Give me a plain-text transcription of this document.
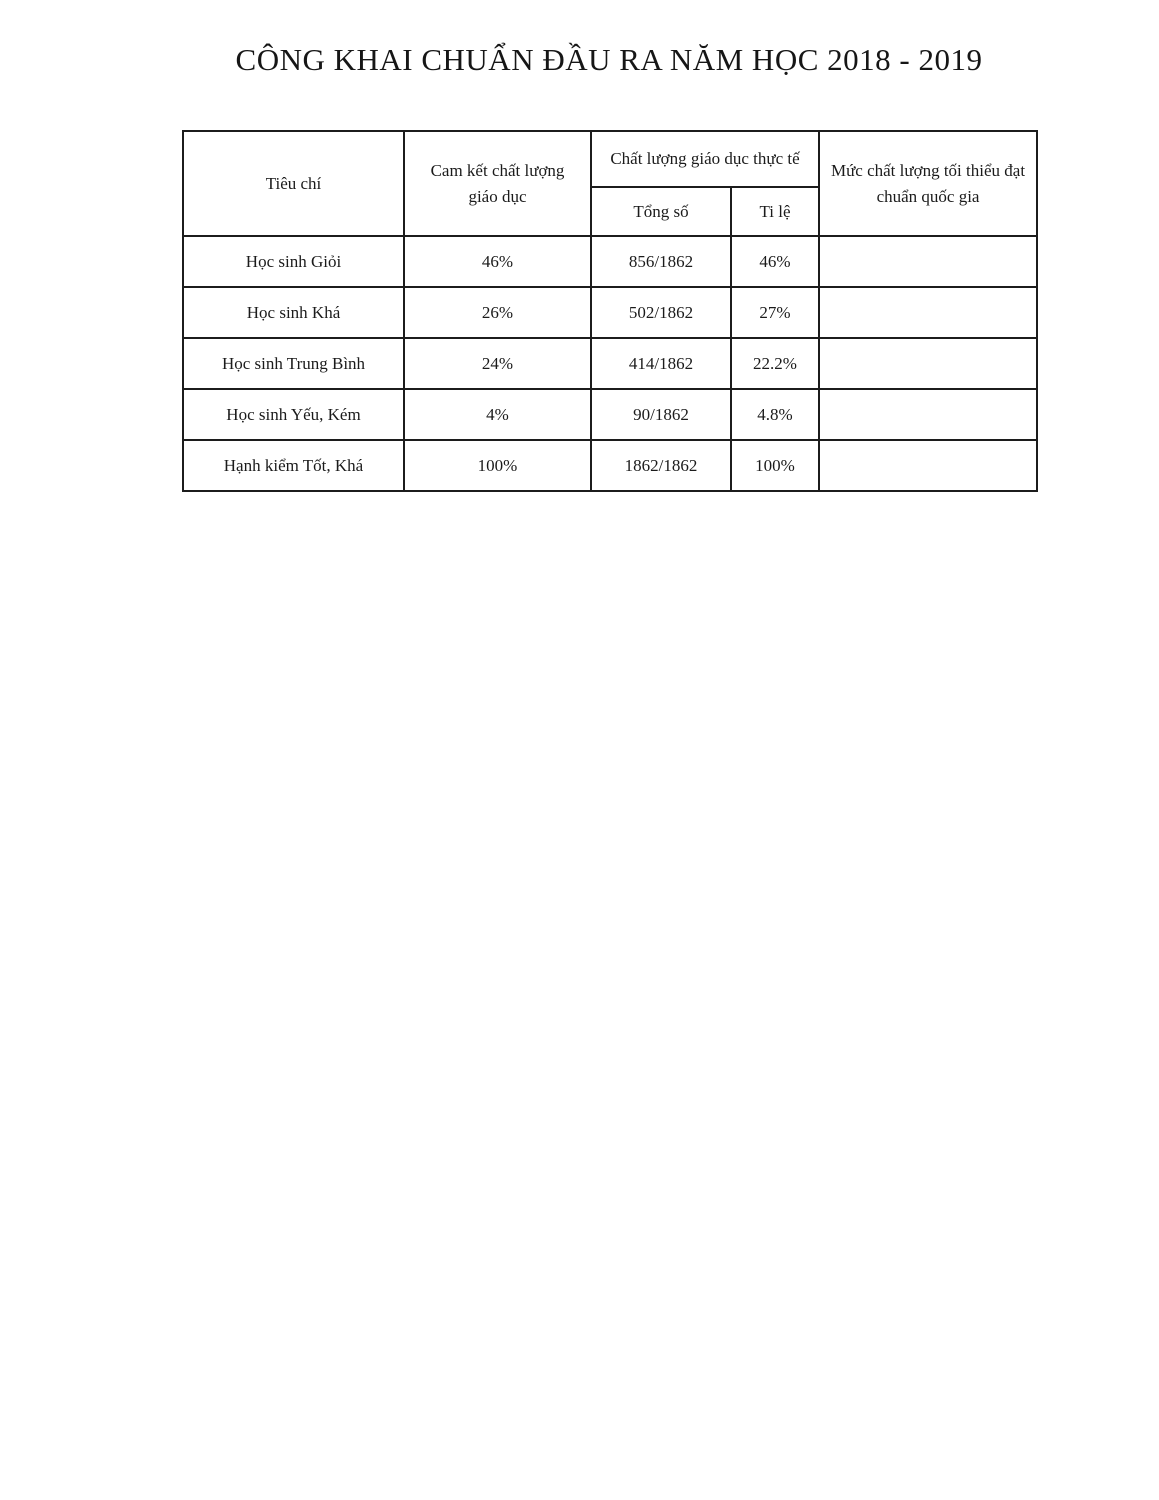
CÔNG KHAI CHUẨN ĐẦU RA NĂM HỌC 2018 - 2019
Tiêu chí	Cam kết chất lượng giáo dục	Chất lượng giáo dục thực tế		Mức chất lượng tối thiểu đạt chuẩn quốc gia
		Tổng số	Ti lệ	
Học sinh Giỏi	46%	856/1862	46%	
Học sinh Khá	26%	502/1862	27%	
Học sinh Trung Bình	24%	414/1862	22.2%	
Học sinh Yếu, Kém	4%	90/1862	4.8%	
Hạnh kiểm Tốt, Khá	100%	1862/1862	100%	
